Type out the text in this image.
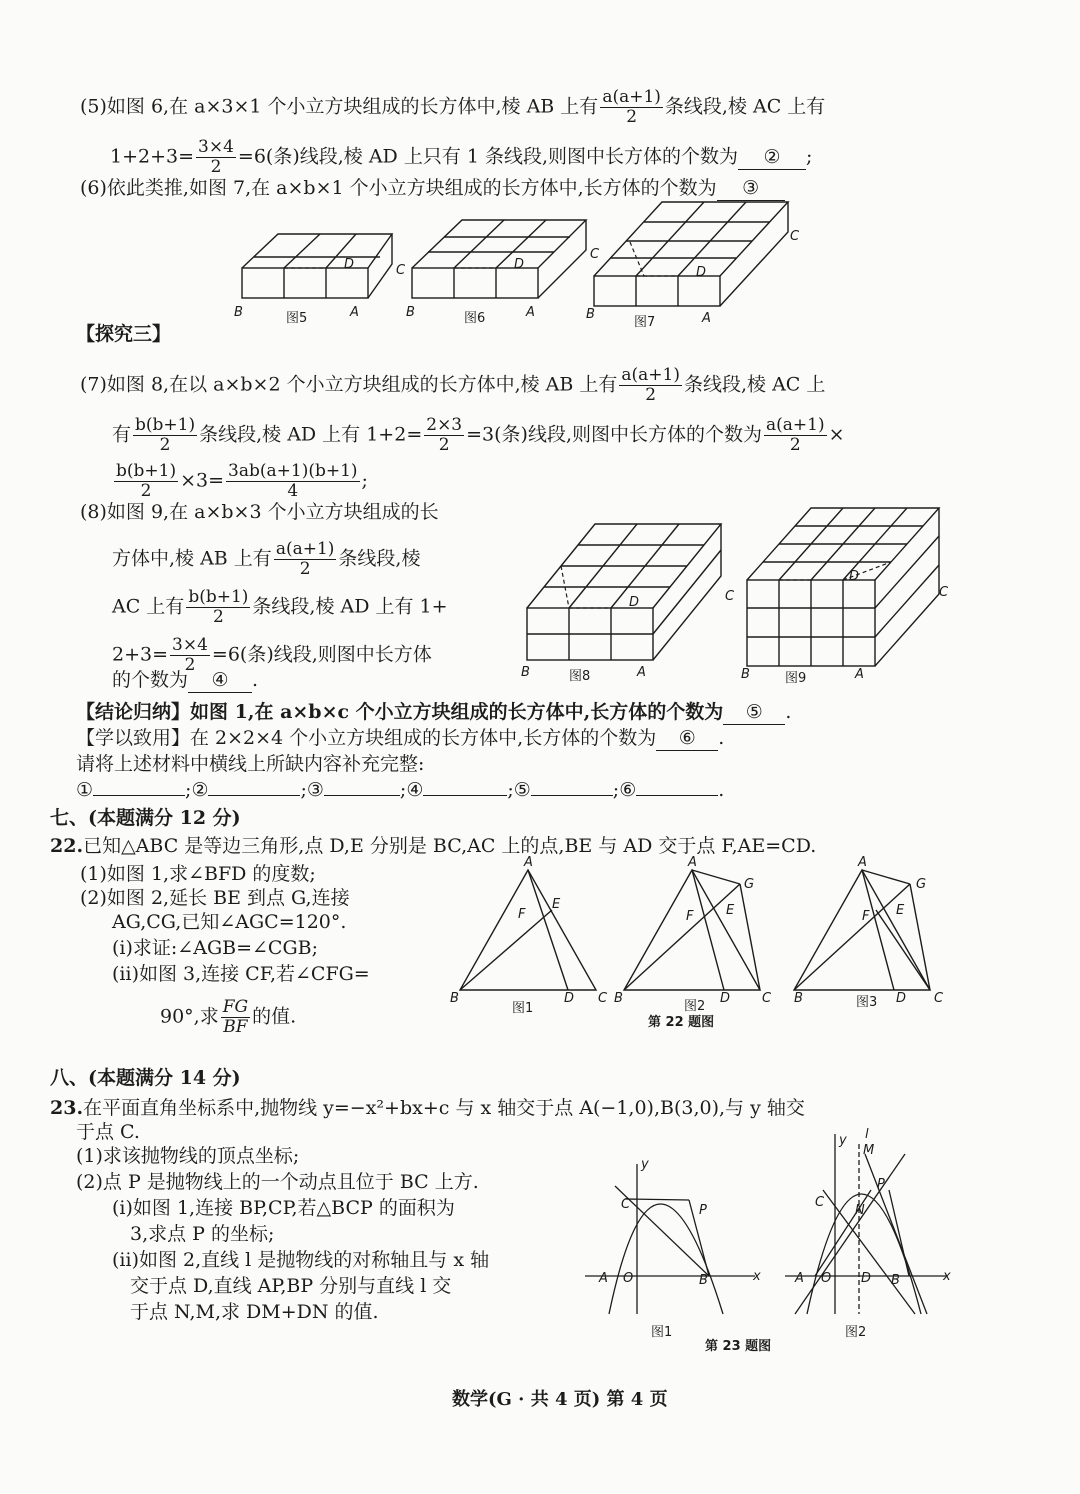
(5)如图 6,在 a×3×1 个小立方块组成的长方体中,棱 AB 上有 $\frac{a(a+1)}{2}$ 条线段,棱 AC 上有
$1+2+3= \frac{3\times 4}{2} =6$(条)线段,棱 AD 上只有 1 条线段,则图中长方体的个数为 ② ;
(6)依此类推,如图 7,在 a×b×1 个小立方块组成的长方体中,长方体的个数为 ③
B	A
C
D
图5	B	A
C
D
图6	B	A
C
D
图7
【探究三】
(7)如图 8,在以 a×b×2 个小立方块组成的长方体中,棱 AB 上有 $\frac{a(a+1)}{2}$ 条线段,棱 AC 上
有 $\frac{b(b+1)}{2}$ 条线段,棱 AD 上有 $1+2= \frac{2\times 3}{2} =3$(条)线段,则图中长方体的个数为 $\frac{a(a+1)}{2}$ ×
$\frac{b(b+1)}{2} \times 3= \frac{3ab(a+1)(b+1)}{4}$ ;
(8)如图 9,在 a×b×3 个小立方块组成的长
方体中,棱 AB 上有 $\frac{a(a+1)}{2}$ 条线段,棱
AC 上有 $\frac{b(b+1)}{2}$ 条线段,棱 AD 上有 1+
$2+3= \frac{3\times 4}{2} =6$(条)线段,则图中长方体
的个数为 ④ .	B	A
C
D
图8	B	A
C
D
图9
【结论归纳】如图 1,在 a×b×c 个小立方块组成的长方体中,长方体的个数为 ⑤ .
【学以致用】在 2×2×4 个小立方块组成的长方体中,长方体的个数为 ⑥ .
请将上述材料中横线上所缺内容补充完整:
①	;②	;③	;④	;⑤	;⑥	.
七、(本题满分 12 分)
22.已知△ABC 是等边三角形,点 D,E 分别是 BC,AC 上的点,BE 与 AD 交于点 F,AE=CD.
(1)如图 1,求∠BFD 的度数;
(2)如图 2,延长 BE 到点 G,连接
AG,CG,已知∠AGC=120°.
(ⅰ)求证:∠AGB=∠CGB;
(ⅱ)如图 3,连接 CF,若∠CFG=
90°,求 $\frac{FG}{BF}$ 的值.
A
B	D C
E
F
图1
A
B	D C
E
F
G
图2
A
B	D C
E
F
G
图3
第 22 题图
八、(本题满分 14 分)
23.在平面直角坐标系中,抛物线 y=−x²+bx+c 与 x 轴交于点 A(−1,0),B(3,0),与 y 轴交
于点 C.
(1)求该抛物线的顶点坐标;
(2)点 P 是抛物线上的一个动点且位于 BC 上方.
(ⅰ)如图 1,连接 BP,CP,若△BCP 的面积为
3,求点 P 的坐标;
(ⅱ)如图 2,直线 l 是抛物线的对称轴且与 x 轴
交于点 D,直线 AP,BP 分别与直线 l 交
于点 N,M,求 DM+DN 的值.
y
x
O
A	B
C	P
图1
y
x
l
M
O
A	D B
C
N
P
图2
第 23 题图
数学(G · 共 4 页) 第 4 页
